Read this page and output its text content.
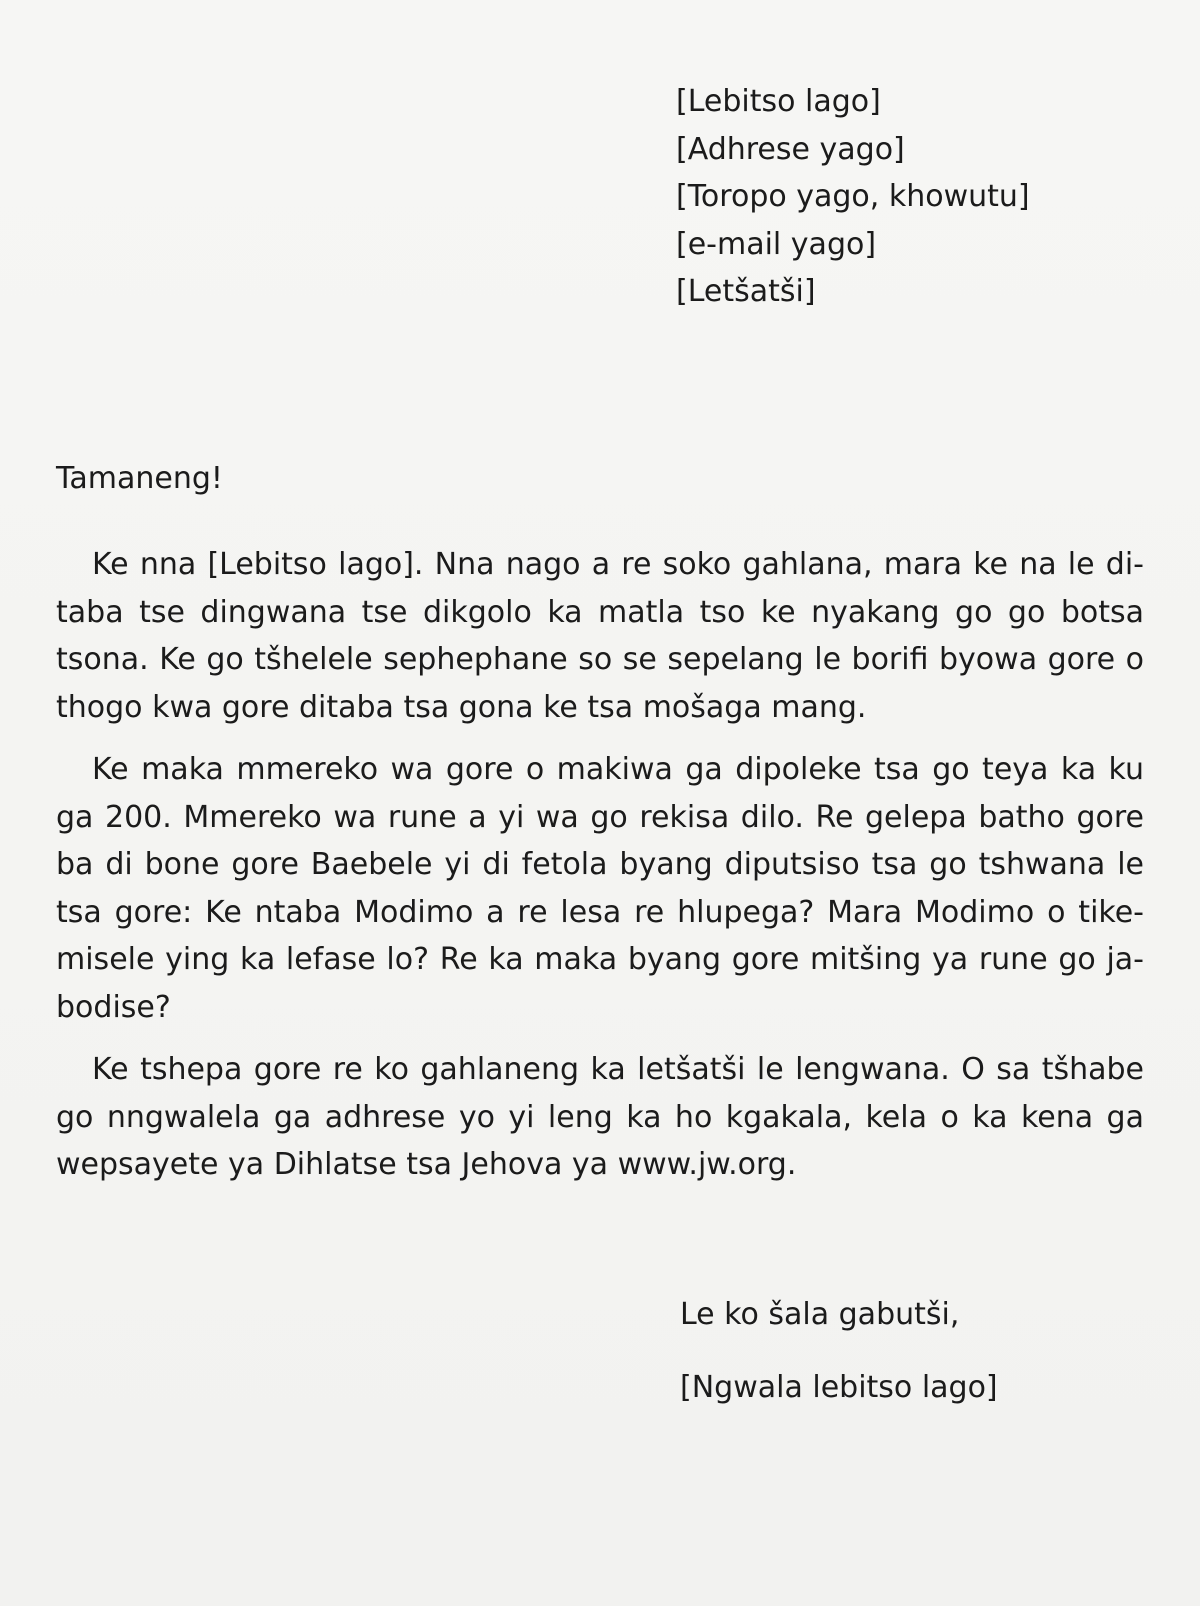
[Lebitso lago]
[Adhrese yago]
[Toropo yago, khowutu]
[e-mail yago]
[Letšatši]
Tamaneng!

Ke nna [Lebitso lago]. Nna nago a re soko gahlana, mara ke na le ditaba tse dingwana tse dikgolo ka matla tso ke nyakang go go botsa tsona. Ke go tšhelele sephephane so se sepelang le borifi byowa gore o thogo kwa gore ditaba tsa gona ke tsa mošaga mang.

Ke maka mmereko wa gore o makiwa ga dipoleke tsa go teya ka ku ga 200. Mmereko wa rune a yi wa go rekisa dilo. Re gelepa batho gore ba di bone gore Baebele yi di fetola byang diputsiso tsa go tshwana le tsa gore: Ke ntaba Modimo a re lesa re hlupega? Mara Modimo o tikemisele ying ka lefase lo? Re ka maka byang gore mitšing ya rune go jabodise?

Ke tshepa gore re ko gahlaneng ka letšatši le lengwana. O sa tšhabe go nngwalela ga adhrese yo yi leng ka ho kgakala, kela o ka kena ga wepsayete ya Dihlatse tsa Jehova ya www.jw.org.

Le ko šala gabutši,
[Ngwala lebitso lago]
